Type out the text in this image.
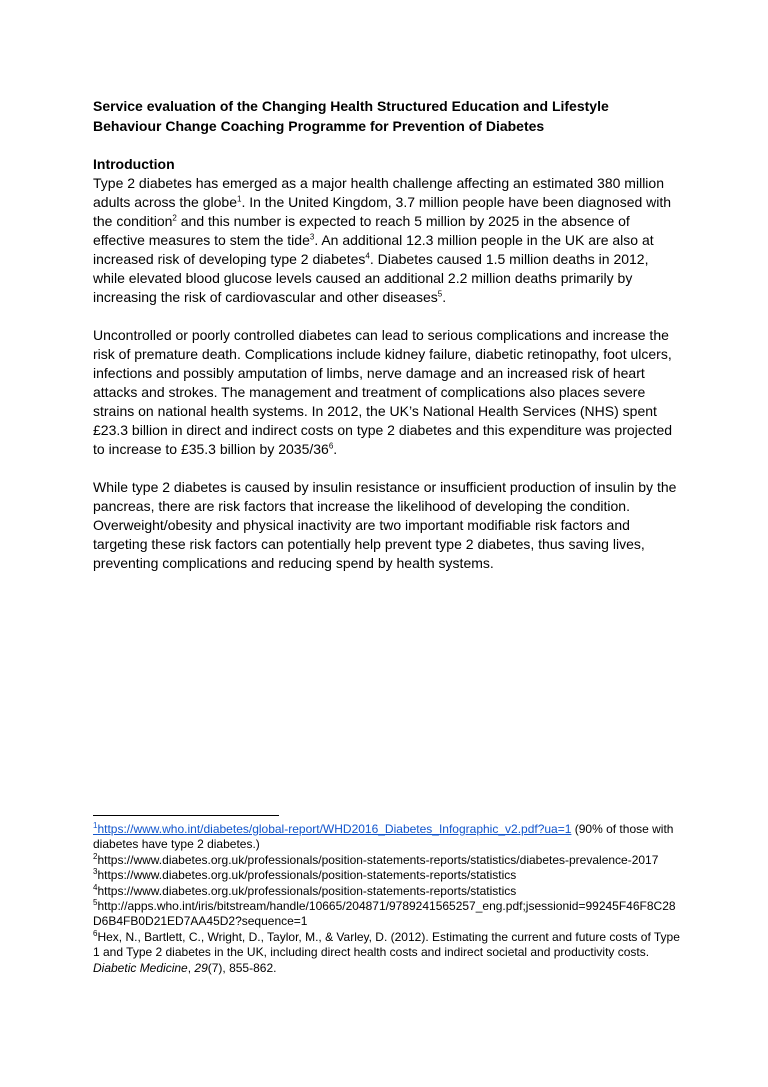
Service evaluation of the Changing Health Structured Education and Lifestyle
Behaviour Change Coaching Programme for Prevention of Diabetes

Introduction

Type 2 diabetes has emerged as a major health challenge affecting an estimated 380 million adults across the globe$^1$. In the United Kingdom, 3.7 million people have been diagnosed with the condition$^2$ and this number is expected to reach 5 million by 2025 in the absence of effective measures to stem the tide$^3$. An additional 12.3 million people in the UK are also at increased risk of developing type 2 diabetes$^4$. Diabetes caused 1.5 million deaths in 2012, while elevated blood glucose levels caused an additional 2.2 million deaths primarily by increasing the risk of cardiovascular and other diseases$^5$.

Uncontrolled or poorly controlled diabetes can lead to serious complications and increase the risk of premature death. Complications include kidney failure, diabetic retinopathy, foot ulcers, infections and possibly amputation of limbs, nerve damage and an increased risk of heart attacks and strokes. The management and treatment of complications also places severe strains on national health systems. In 2012, the UK’s National Health Services (NHS) spent £23.3 billion in direct and indirect costs on type 2 diabetes and this expenditure was projected to increase to £35.3 billion by $2035/36^6$.

While type 2 diabetes is caused by insulin resistance or insufficient production of insulin by the pancreas, there are risk factors that increase the likelihood of developing the condition. Overweight/obesity and physical inactivity are two important modifiable risk factors and targeting these risk factors can potentially help prevent type 2 diabetes, thus saving lives, preventing complications and reducing spend by health systems.

$^1$https://www.who.int/diabetes/global-report/WHD2016_Diabetes_Infographic_v2.pdf?ua=1 (90% of those with diabetes have type 2 diabetes.)

$^2$https://www.diabetes.org.uk/professionals/position-statements-reports/statistics/diabetes-prevalence-2017

$^3$https://www.diabetes.org.uk/professionals/position-statements-reports/statistics

$^4$https://www.diabetes.org.uk/professionals/position-statements-reports/statistics

$^5$http://apps.who.int/iris/bitstream/handle/10665/204871/9789241565257_eng.pdf;jsessionid=99245F46F8C28D6B4FB0D21ED7AA45D2?sequence=1

$^6$Hex, N., Bartlett, C., Wright, D., Taylor, M., & Varley, D. (2012). Estimating the current and future costs of Type 1 and Type 2 diabetes in the UK, including direct health costs and indirect societal and productivity costs. Diabetic Medicine, 29(7), 855-862.
